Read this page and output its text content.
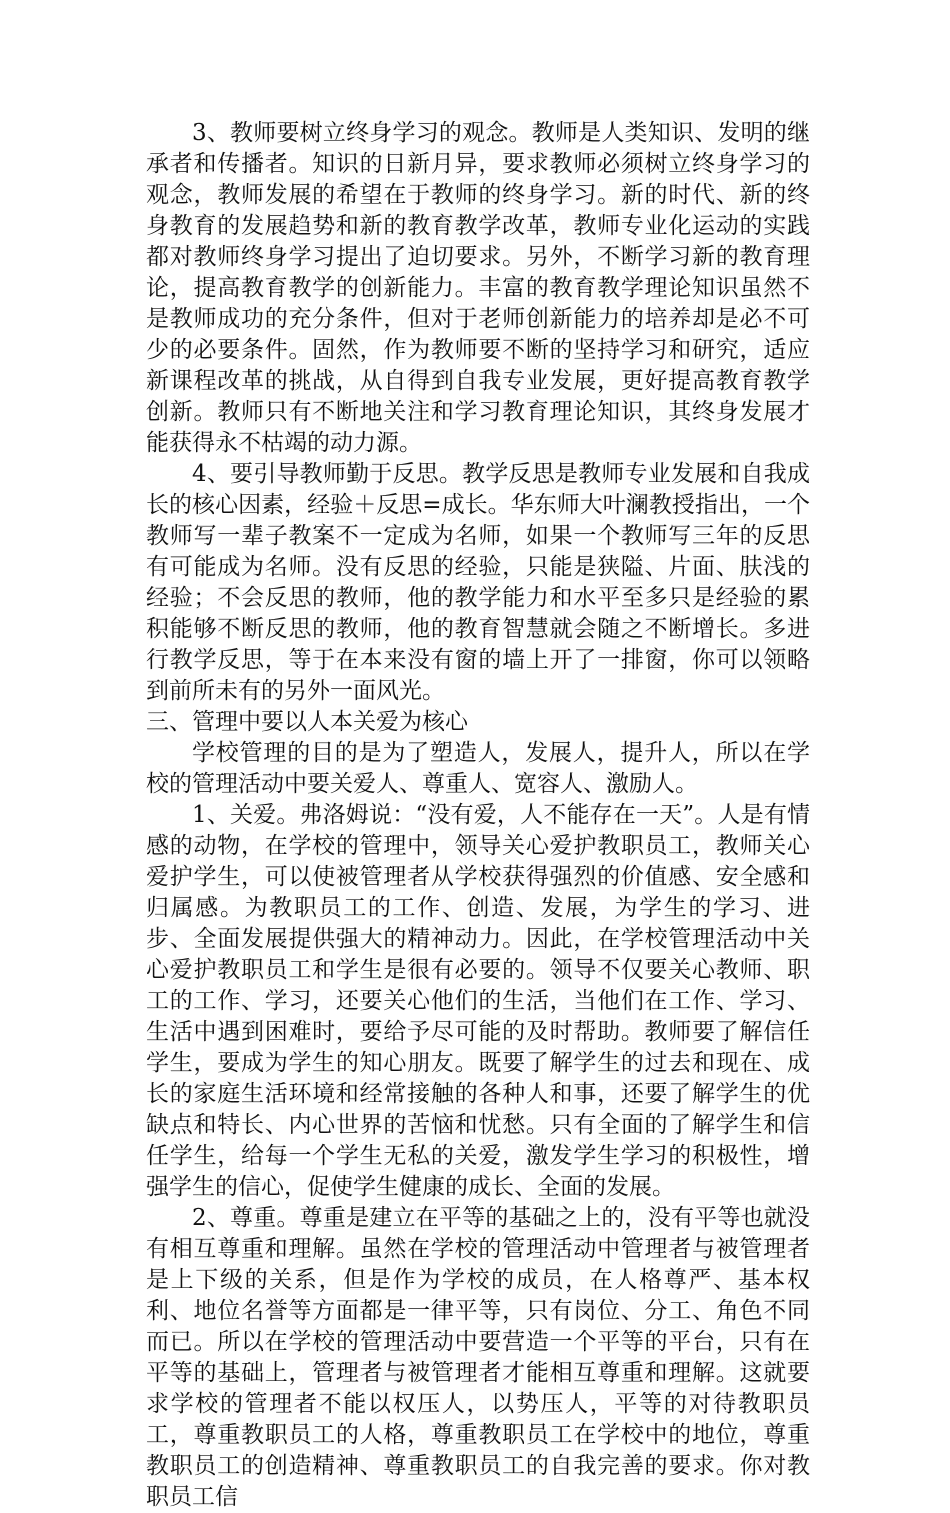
3、教师要树立终身学习的观念。教师是人类知识、发明的继承者和传播者。知识的日新月异，要求教师必须树立终身学习的观念，教师发展的希望在于教师的终身学习。新的时代、新的终身教育的发展趋势和新的教育教学改革，教师专业化运动的实践都对教师终身学习提出了迫切要求。另外，不断学习新的教育理论，提高教育教学的创新能力。丰富的教育教学理论知识虽然不是教师成功的充分条件，但对于老师创新能力的培养却是必不可少的必要条件。固然，作为教师要不断的坚持学习和研究，适应新课程改革的挑战，从自得到自我专业发展，更好提高教育教学创新。教师只有不断地关注和学习教育理论知识，其终身发展才能获得永不枯竭的动力源。

4、要引导教师勤于反思。教学反思是教师专业发展和自我成长的核心因素，经验＋反思=成长。华东师大叶澜教授指出，一个教师写一辈子教案不一定成为名师，如果一个教师写三年的反思有可能成为名师。没有反思的经验，只能是狭隘、片面、肤浅的经验；不会反思的教师，他的教学能力和水平至多只是经验的累积能够不断反思的教师，他的教育智慧就会随之不断增长。多进行教学反思，等于在本来没有窗的墙上开了一排窗，你可以领略到前所未有的另外一面风光。

三、管理中要以人本关爱为核心

学校管理的目的是为了塑造人，发展人，提升人，所以在学校的管理活动中要关爱人、尊重人、宽容人、激励人。

1、关爱。弗洛姆说：“没有爱，人不能存在一天”。人是有情感的动物，在学校的管理中，领导关心爱护教职员工，教师关心爱护学生，可以使被管理者从学校获得强烈的价值感、安全感和归属感。为教职员工的工作、创造、发展，为学生的学习、进步、全面发展提供强大的精神动力。因此，在学校管理活动中关心爱护教职员工和学生是很有必要的。领导不仅要关心教师、职工的工作、学习，还要关心他们的生活，当他们在工作、学习、生活中遇到困难时，要给予尽可能的及时帮助。教师要了解信任学生，要成为学生的知心朋友。既要了解学生的过去和现在、成长的家庭生活环境和经常接触的各种人和事，还要了解学生的优缺点和特长、内心世界的苦恼和忧愁。只有全面的了解学生和信任学生，给每一个学生无私的关爱，激发学生学习的积极性，增强学生的信心，促使学生健康的成长、全面的发展。

2、尊重。尊重是建立在平等的基础之上的，没有平等也就没有相互尊重和理解。虽然在学校的管理活动中管理者与被管理者是上下级的关系，但是作为学校的成员，在人格尊严、基本权利、地位名誉等方面都是一律平等，只有岗位、分工、角色不同而已。所以在学校的管理活动中要营造一个平等的平台，只有在平等的基础上，管理者与被管理者才能相互尊重和理解。这就要求学校的管理者不能以权压人，以势压人，平等的对待教职员工，尊重教职员工的人格，尊重教职员工在学校中的地位，尊重教职员工的创造精神、尊重教职员工的自我完善的要求。你对教职员工信
